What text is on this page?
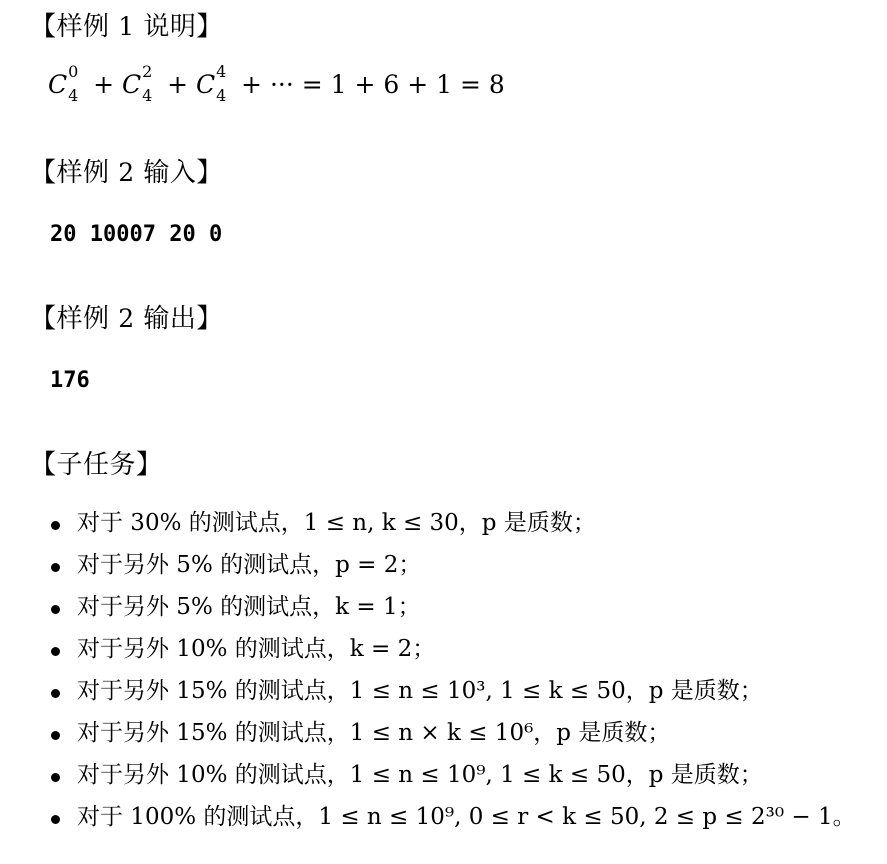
【样例 1 说明】
C 0
4 + C 2
4 + C 4
4 + ··· = 1 + 6 + 1 = 8
【样例 2 输入】
20 10007 20 0
【样例 2 输出】
176
【子任务】
对于 30% 的测试点，1 ≤ n, k ≤ 30，p 是质数；
对于另外 5% 的测试点，p = 2；
对于另外 5% 的测试点，k = 1；
对于另外 10% 的测试点，k = 2；
对于另外 15% 的测试点，1 ≤ n ≤ 10³, 1 ≤ k ≤ 50，p 是质数；
对于另外 15% 的测试点，1 ≤ n × k ≤ 10⁶，p 是质数；
对于另外 10% 的测试点，1 ≤ n ≤ 10⁹, 1 ≤ k ≤ 50，p 是质数；
对于 100% 的测试点，1 ≤ n ≤ 10⁹, 0 ≤ r < k ≤ 50, 2 ≤ p ≤ 2³⁰ − 1。
